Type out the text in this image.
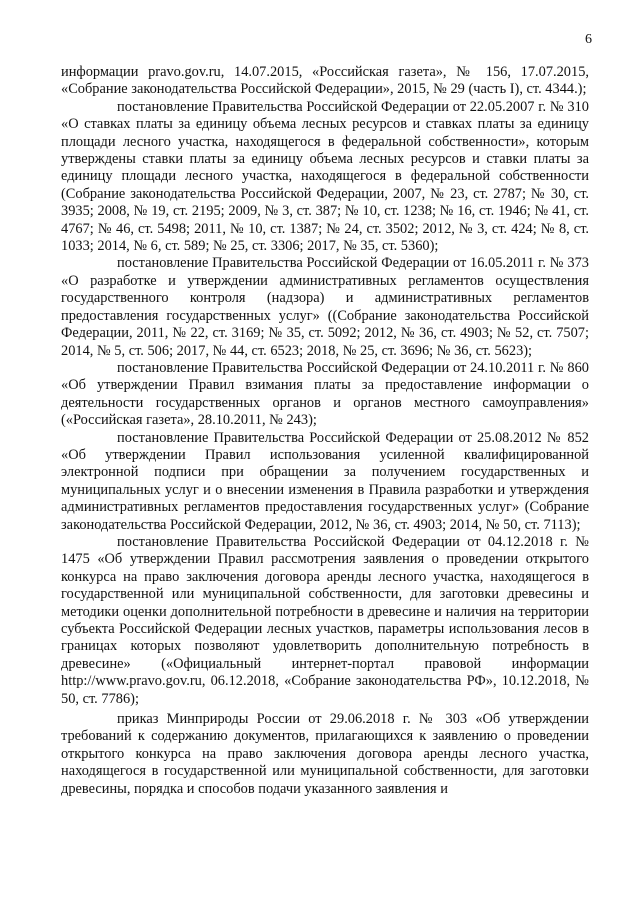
6

информации pravo.gov.ru, 14.07.2015, «Российская газета», № 156, 17.07.2015, «Собрание законодательства Российской Федерации», 2015, № 29 (часть I), ст. 4344.);

постановление Правительства Российской Федерации от 22.05.2007 г. № 310 «О ставках платы за единицу объема лесных ресурсов и ставках платы за единицу площади лесного участка, находящегося в федеральной собственности», которым утверждены ставки платы за единицу объема лесных ресурсов и ставки платы за единицу площади лесного участка, находящегося в федеральной собственности (Собрание законодательства Российской Федерации, 2007, № 23, ст. 2787; № 30, ст. 3935; 2008, № 19, ст. 2195; 2009, № 3, ст. 387; № 10, ст. 1238; № 16, ст. 1946; № 41, ст. 4767; № 46, ст. 5498; 2011, № 10, ст. 1387; № 24, ст. 3502; 2012, № 3, ст. 424; № 8, ст. 1033; 2014, № 6, ст. 589; № 25, ст. 3306; 2017, № 35, ст. 5360);

постановление Правительства Российской Федерации от 16.05.2011 г. № 373 «О разработке и утверждении административных регламентов осуществления государственного контроля (надзора) и административных регламентов предоставления государственных услуг» ((Собрание законодательства Российской Федерации, 2011, № 22, ст. 3169; № 35, ст. 5092; 2012, № 36, ст. 4903; № 52, ст. 7507; 2014, № 5, ст. 506; 2017, № 44, ст. 6523; 2018, № 25, ст. 3696; № 36, ст. 5623);

постановление Правительства Российской Федерации от 24.10.2011 г. № 860 «Об утверждении Правил взимания платы за предоставление информации о деятельности государственных органов и органов местного самоуправления» («Российская газета», 28.10.2011, № 243);

постановление Правительства Российской Федерации от 25.08.2012 № 852 «Об утверждении Правил использования усиленной квалифицированной электронной подписи при обращении за получением государственных и муниципальных услуг и о внесении изменения в Правила разработки и утверждения административных регламентов предоставления государственных услуг» (Собрание законодательства Российской Федерации, 2012, № 36, ст. 4903; 2014, № 50, ст. 7113);

постановление Правительства Российской Федерации от 04.12.2018 г. № 1475 «Об утверждении Правил рассмотрения заявления о проведении открытого конкурса на право заключения договора аренды лесного участка, находящегося в государственной или муниципальной собственности, для заготовки древесины и методики оценки дополнительной потребности в древесине и наличия на территории субъекта Российской Федерации лесных участков, параметры использования лесов в границах которых позволяют удовлетворить дополнительную потребность в древесине» («Официальный интернет-портал правовой информации http://www.pravo.gov.ru, 06.12.2018, «Собрание законодательства РФ», 10.12.2018, № 50, ст. 7786);

приказ Минприроды России от 29.06.2018 г. № 303 «Об утверждении требований к содержанию документов, прилагающихся к заявлению о проведении открытого конкурса на право заключения договора аренды лесного участка, находящегося в государственной или муниципальной собственности, для заготовки древесины, порядка и способов подачи указанного заявления и
